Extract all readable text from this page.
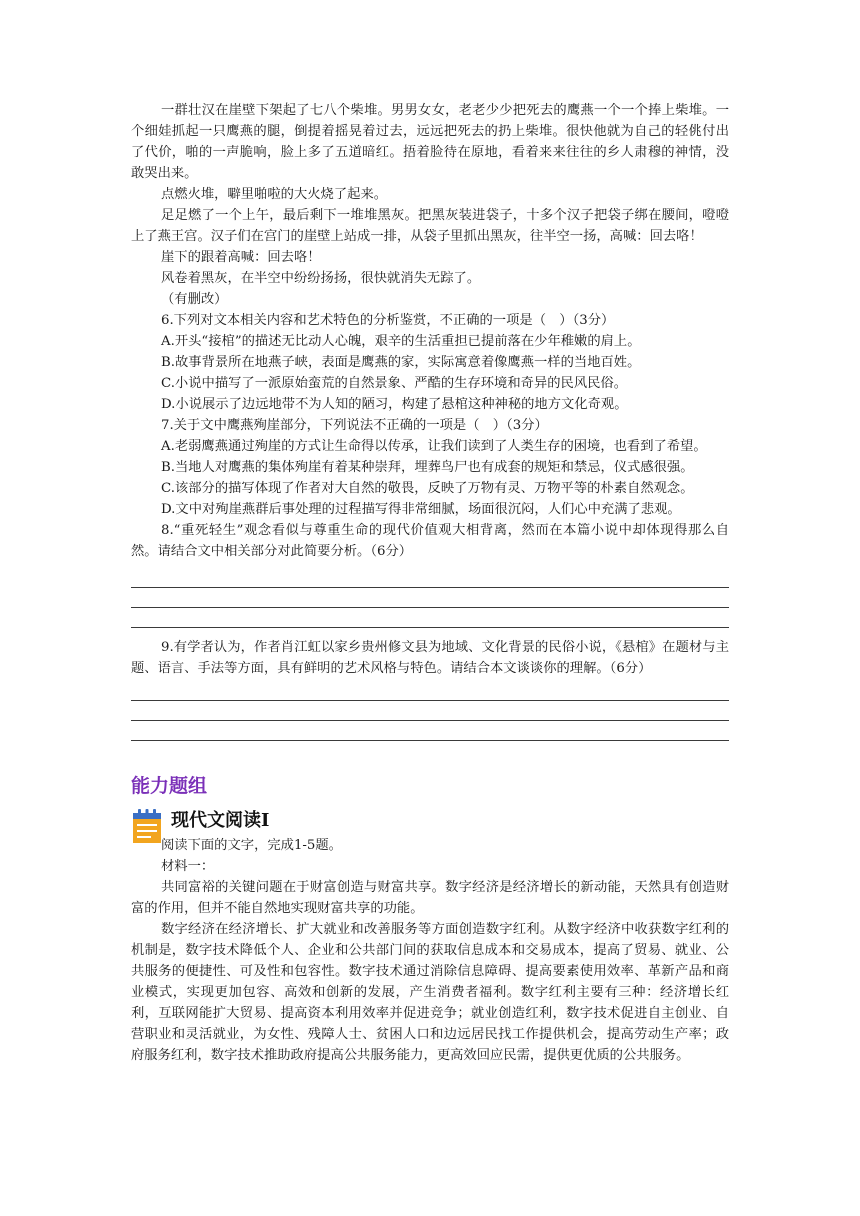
一群壮汉在崖壁下架起了七八个柴堆。男男女女，老老少少把死去的鹰燕一个一个捧上柴堆。一个细娃抓起一只鹰燕的腿，倒提着摇晃着过去，远远把死去的扔上柴堆。很快他就为自己的轻佻付出了代价，啪的一声脆响，脸上多了五道暗红。捂着脸待在原地，看着来来往往的乡人肃穆的神情，没敢哭出来。

点燃火堆，噼里啪啦的大火烧了起来。

足足燃了一个上午，最后剩下一堆堆黑灰。把黑灰装进袋子，十多个汉子把袋子绑在腰间，噔噔上了燕王宫。汉子们在宫门的崖壁上站成一排，从袋子里抓出黑灰，往半空一扬，高喊：回去咯！

崖下的跟着高喊：回去咯！

风卷着黑灰，在半空中纷纷扬扬，很快就消失无踪了。

（有删改）

6.下列对文本相关内容和艺术特色的分析鉴赏，不正确的一项是（　）（3分）

A.开头“接棺”的描述无比动人心魄，艰辛的生活重担已提前落在少年稚嫩的肩上。

B.故事背景所在地燕子峡，表面是鹰燕的家，实际寓意着像鹰燕一样的当地百姓。

C.小说中描写了一派原始蛮荒的自然景象、严酷的生存环境和奇异的民风民俗。

D.小说展示了边远地带不为人知的陋习，构建了悬棺这种神秘的地方文化奇观。

7.关于文中鹰燕殉崖部分，下列说法不正确的一项是（　）（3分）

A.老弱鹰燕通过殉崖的方式让生命得以传承，让我们读到了人类生存的困境，也看到了希望。

B.当地人对鹰燕的集体殉崖有着某种崇拜，埋葬鸟尸也有成套的规矩和禁忌，仪式感很强。

C.该部分的描写体现了作者对大自然的敬畏，反映了万物有灵、万物平等的朴素自然观念。

D.文中对殉崖燕群后事处理的过程描写得非常细腻，场面很沉闷，人们心中充满了悲观。

8.“重死轻生”观念看似与尊重生命的现代价值观大相背离，然而在本篇小说中却体现得那么自然。请结合文中相关部分对此简要分析。（6分）

9.有学者认为，作者肖江虹以家乡贵州修文县为地域、文化背景的民俗小说，《悬棺》在题材与主题、语言、手法等方面，具有鲜明的艺术风格与特色。请结合本文谈谈你的理解。（6分）

能力题组
现代文阅读Ⅰ

阅读下面的文字，完成1-5题。

材料一：

共同富裕的关键问题在于财富创造与财富共享。数字经济是经济增长的新动能，天然具有创造财富的作用，但并不能自然地实现财富共享的功能。

数字经济在经济增长、扩大就业和改善服务等方面创造数字红利。从数字经济中收获数字红利的机制是，数字技术降低个人、企业和公共部门间的获取信息成本和交易成本，提高了贸易、就业、公共服务的便捷性、可及性和包容性。数字技术通过消除信息障碍、提高要素使用效率、革新产品和商业模式，实现更加包容、高效和创新的发展，产生消费者福利。数字红利主要有三种：经济增长红利，互联网能扩大贸易、提高资本利用效率并促进竞争；就业创造红利，数字技术促进自主创业、自营职业和灵活就业，为女性、残障人士、贫困人口和边远居民找工作提供机会，提高劳动生产率；政府服务红利，数字技术推助政府提高公共服务能力，更高效回应民需，提供更优质的公共服务。
